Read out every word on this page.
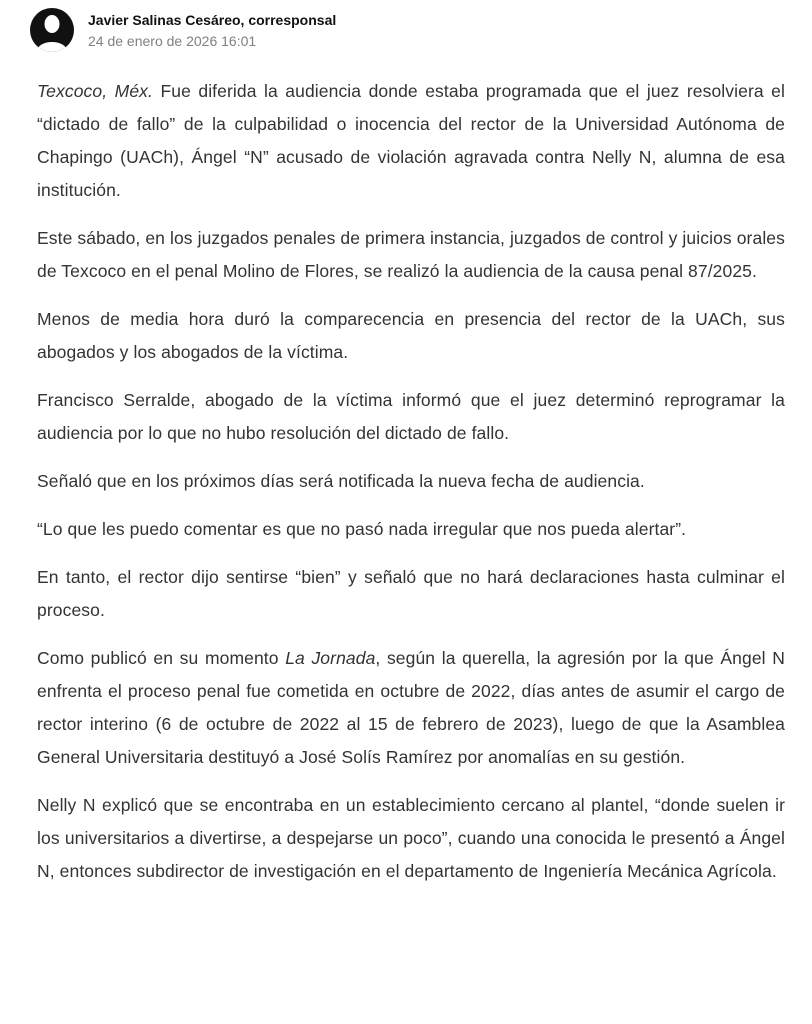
Javier Salinas Cesáreo, corresponsal
24 de enero de 2026 16:01

Texcoco, Méx. Fue diferida la audiencia donde estaba programada que el juez resolviera el “dictado de fallo” de la culpabilidad o inocencia del rector de la Universidad Autónoma de Chapingo (UACh), Ángel “N” acusado de violación agravada contra Nelly N, alumna de esa institución.

Este sábado, en los juzgados penales de primera instancia, juzgados de control y juicios orales de Texcoco en el penal Molino de Flores, se realizó la audiencia de la causa penal 87/2025.

Menos de media hora duró la comparecencia en presencia del rector de la UACh, sus abogados y los abogados de la víctima.

Francisco Serralde, abogado de la víctima informó que el juez determinó reprogramar la audiencia por lo que no hubo resolución del dictado de fallo.

Señaló que en los próximos días será notificada la nueva fecha de audiencia.

“Lo que les puedo comentar es que no pasó nada irregular que nos pueda alertar”.

En tanto, el rector dijo sentirse “bien” y señaló que no hará declaraciones hasta culminar el proceso.

Como publicó en su momento La Jornada, según la querella, la agresión por la que Ángel N enfrenta el proceso penal fue cometida en octubre de 2022, días antes de asumir el cargo de rector interino (6 de octubre de 2022 al 15 de febrero de 2023), luego de que la Asamblea General Universitaria destituyó a José Solís Ramírez por anomalías en su gestión.

Nelly N explicó que se encontraba en un establecimiento cercano al plantel, “donde suelen ir los universitarios a divertirse, a despejarse un poco”, cuando una conocida le presentó a Ángel N, entonces subdirector de investigación en el departamento de Ingeniería Mecánica Agrícola.
